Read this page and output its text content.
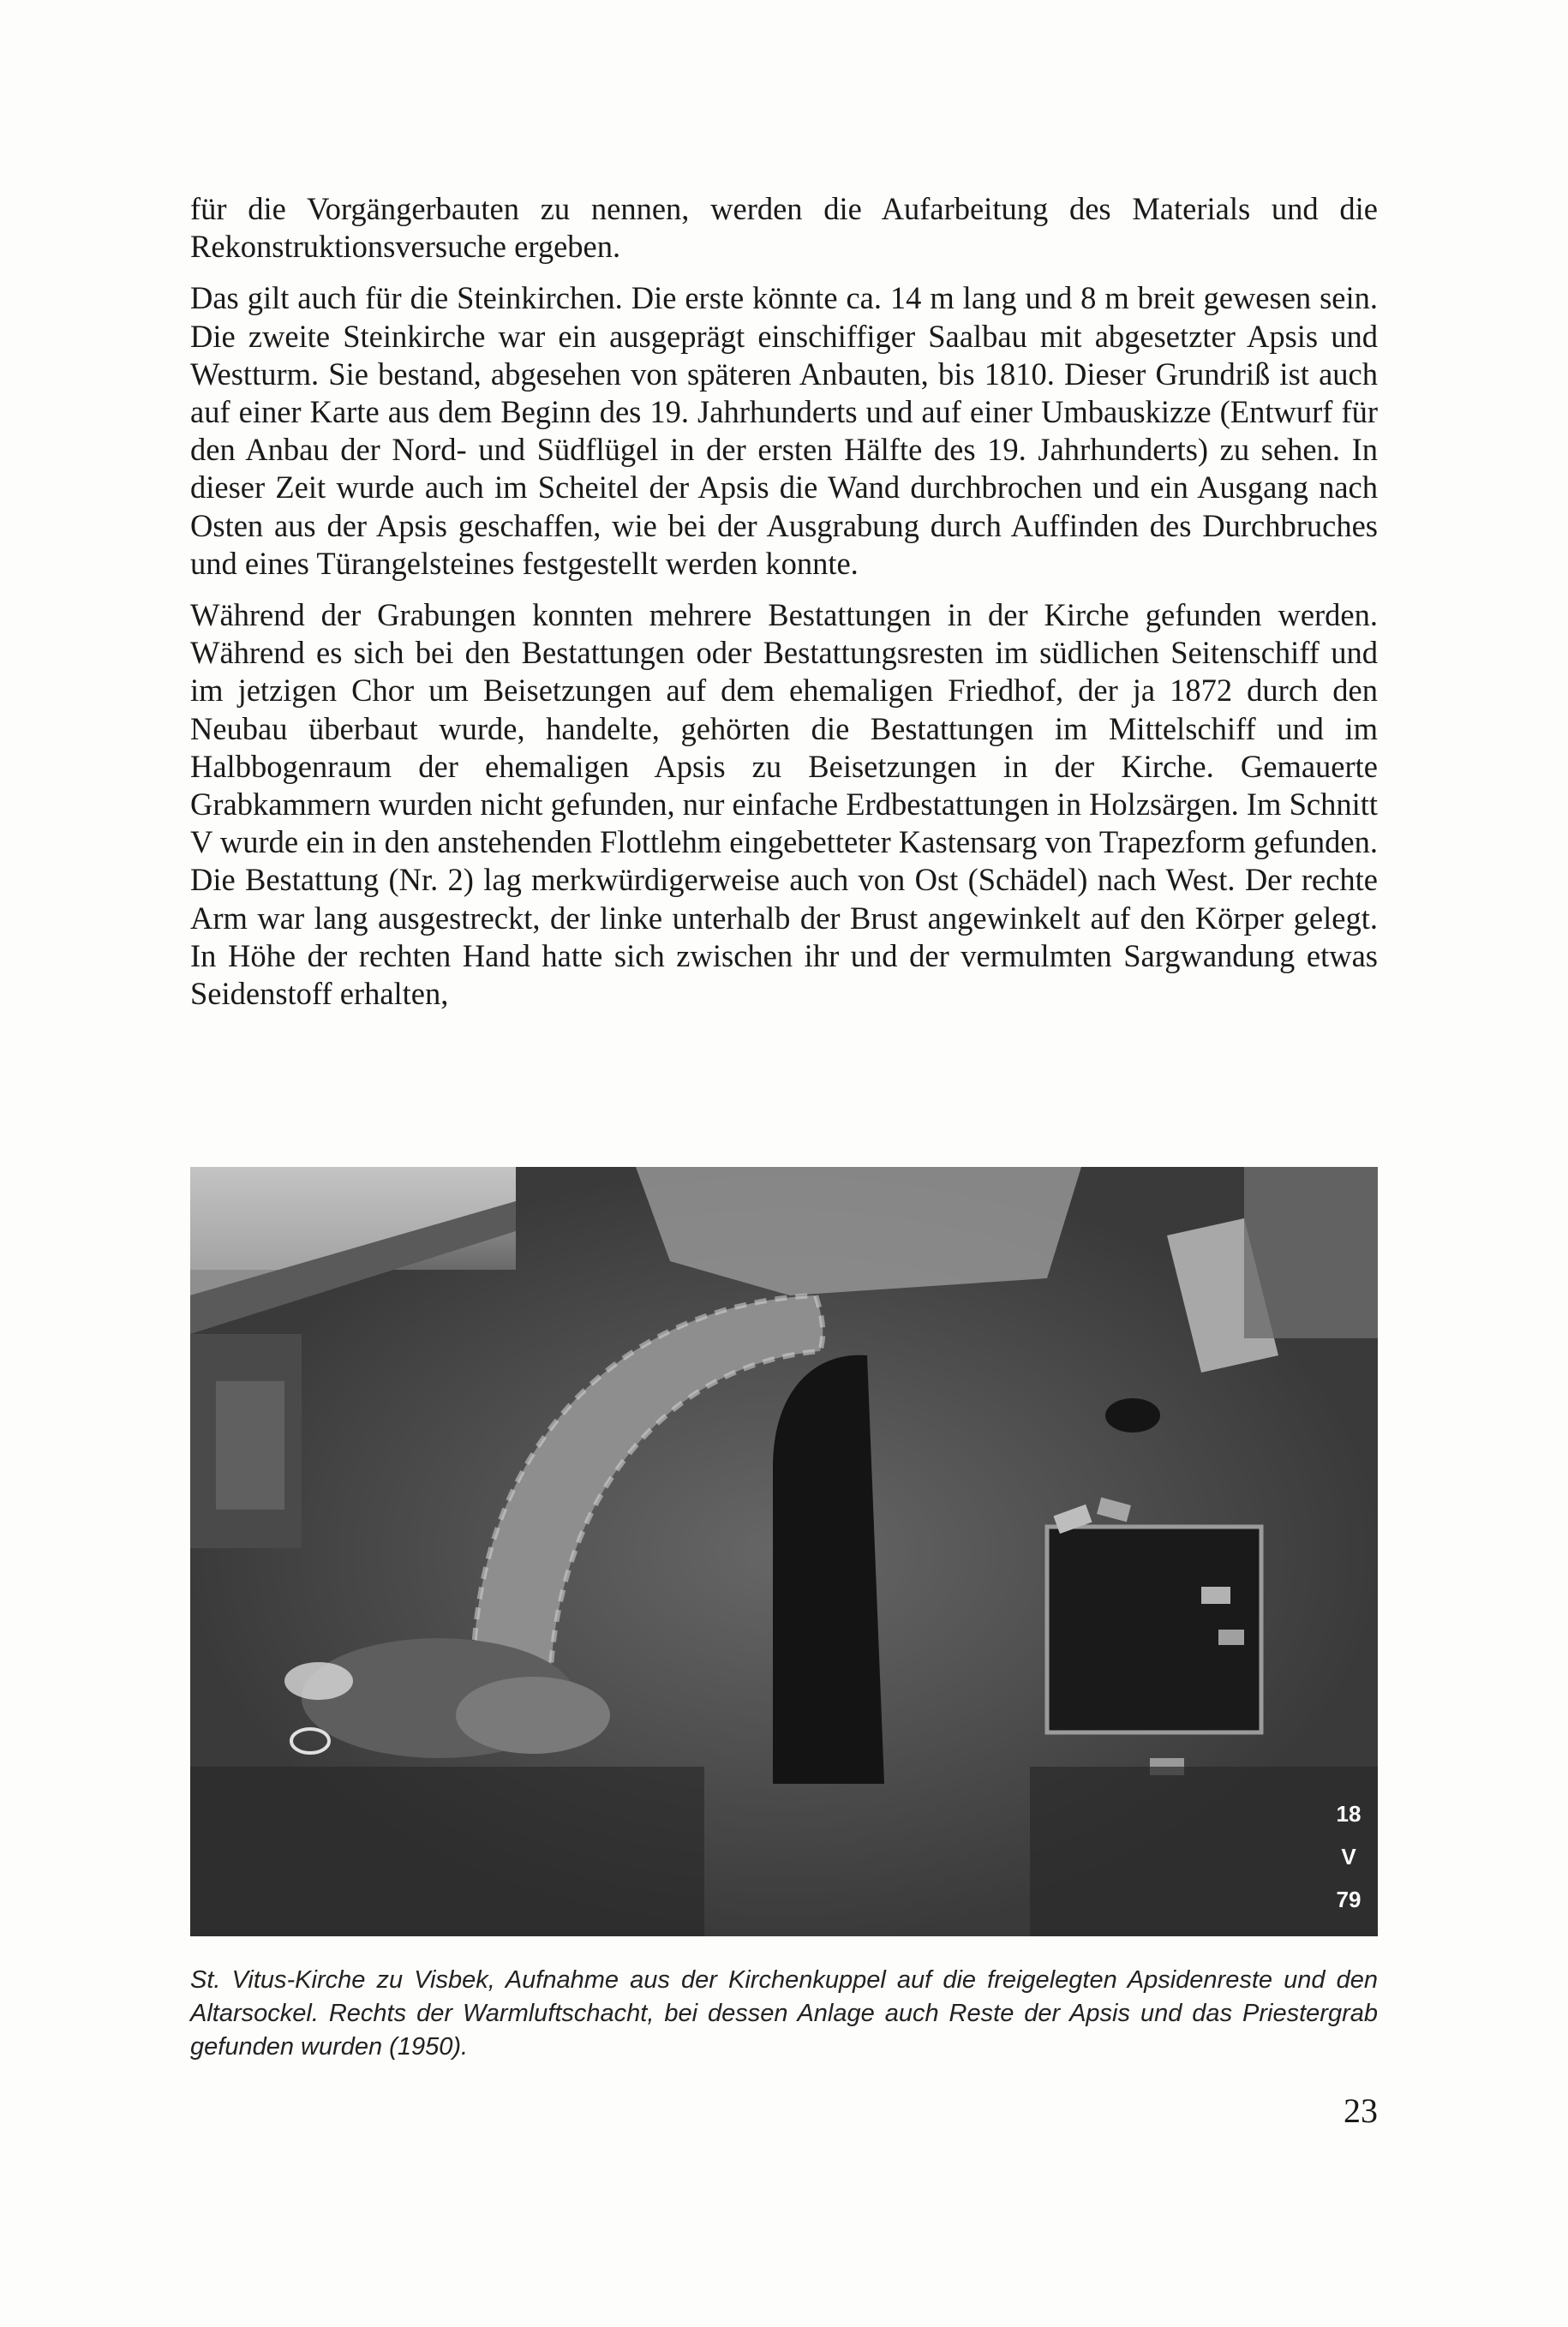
für die Vorgängerbauten zu nennen, werden die Aufarbeitung des Materials und die Rekonstruktionsversuche ergeben.

Das gilt auch für die Steinkirchen. Die erste könnte ca. 14 m lang und 8 m breit gewesen sein. Die zweite Steinkirche war ein ausgeprägt einschiffiger Saalbau mit abgesetzter Apsis und Westturm. Sie bestand, abgesehen von späteren Anbauten, bis 1810. Dieser Grundriß ist auch auf einer Karte aus dem Beginn des 19. Jahrhunderts und auf einer Umbauskizze (Entwurf für den Anbau der Nord- und Südflügel in der ersten Hälfte des 19. Jahrhunderts) zu sehen. In dieser Zeit wurde auch im Scheitel der Apsis die Wand durchbrochen und ein Ausgang nach Osten aus der Apsis geschaffen, wie bei der Ausgrabung durch Auffinden des Durchbruches und eines Türangelsteines festgestellt werden konnte.

Während der Grabungen konnten mehrere Bestattungen in der Kirche gefunden werden. Während es sich bei den Bestattungen oder Bestattungsresten im südlichen Seitenschiff und im jetzigen Chor um Beisetzungen auf dem ehemaligen Friedhof, der ja 1872 durch den Neubau überbaut wurde, handelte, gehörten die Bestattungen im Mittelschiff und im Halbbogenraum der ehemaligen Apsis zu Beisetzungen in der Kirche. Gemauerte Grabkammern wurden nicht gefunden, nur einfache Erdbestattungen in Holzsärgen. Im Schnitt V wurde ein in den anstehenden Flottlehm eingebetteter Kastensarg von Trapezform gefunden. Die Bestattung (Nr. 2) lag merkwürdigerweise auch von Ost (Schädel) nach West. Der rechte Arm war lang ausgestreckt, der linke unterhalb der Brust angewinkelt auf den Körper gelegt. In Höhe der rechten Hand hatte sich zwischen ihr und der vermulmten Sargwandung etwas Seidenstoff erhalten,

18
V
79
St. Vitus-Kirche zu Visbek, Aufnahme aus der Kirchenkuppel auf die freigelegten Apsidenreste und den Altarsockel. Rechts der Warmluftschacht, bei dessen Anlage auch Reste der Apsis und das Priestergrab gefunden wurden (1950).
23
